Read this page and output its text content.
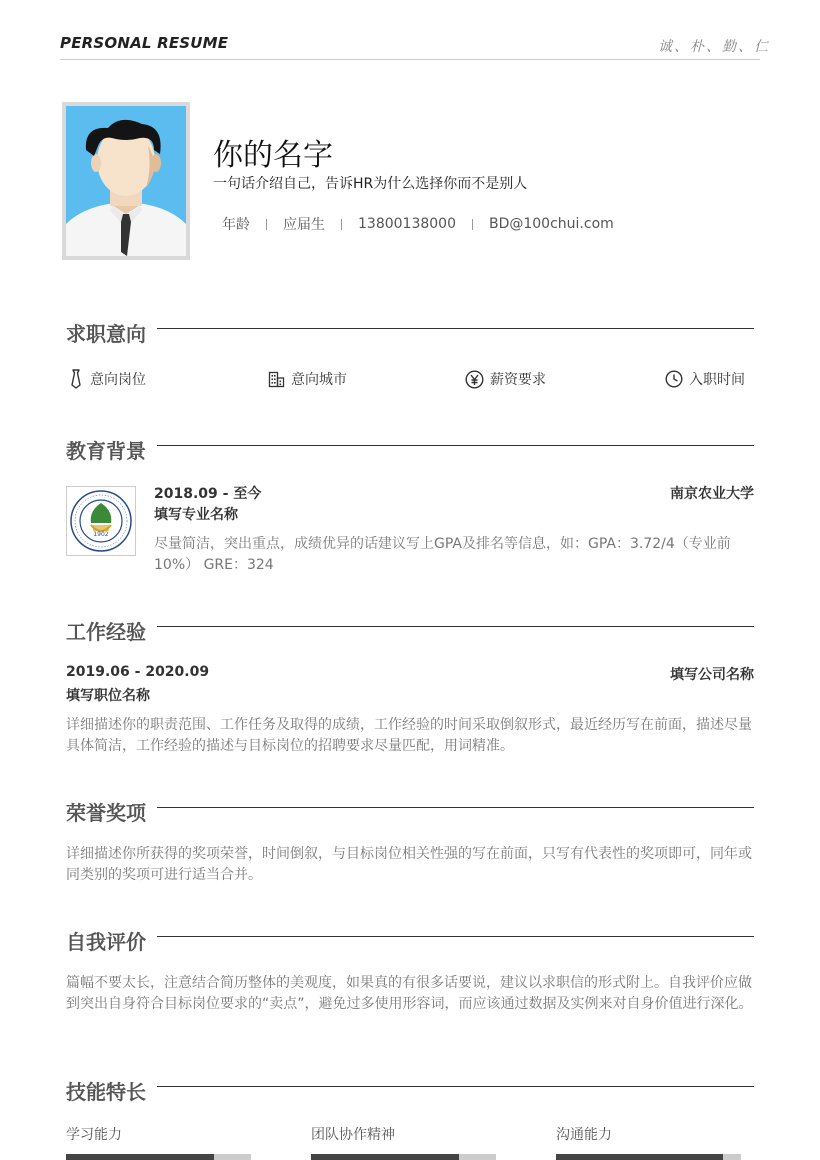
PERSONAL RESUME	诚、朴、勤、仁
你的名字
一句话介绍自己，告诉HR为什么选择你而不是别人
年龄 应届生 13800138000 BD@100chui.com
求职意向
意向岗位	意向城市	薪资要求	入职时间
教育背景
1902
2018.09 - 至今	南京农业大学
填写专业名称
尽量简洁，突出重点，成绩优异的话建议写上GPA及排名等信息，如：GPA：3.72/4（专业前10%） GRE：324
工作经验
2019.06 - 2020.09	填写公司名称
填写职位名称
详细描述你的职责范围、工作任务及取得的成绩，工作经验的时间采取倒叙形式，最近经历写在前面，描述尽量具体简洁，工作经验的描述与目标岗位的招聘要求尽量匹配，用词精准。
荣誉奖项
详细描述你所获得的奖项荣誉，时间倒叙，与目标岗位相关性强的写在前面，只写有代表性的奖项即可，同年或同类别的奖项可进行适当合并。
自我评价
篇幅不要太长，注意结合简历整体的美观度，如果真的有很多话要说，建议以求职信的形式附上。自我评价应做到突出自身符合目标岗位要求的“卖点”，避免过多使用形容词，而应该通过数据及实例来对自身价值进行深化。
技能特长
学习能力	团队协作精神	沟通能力
